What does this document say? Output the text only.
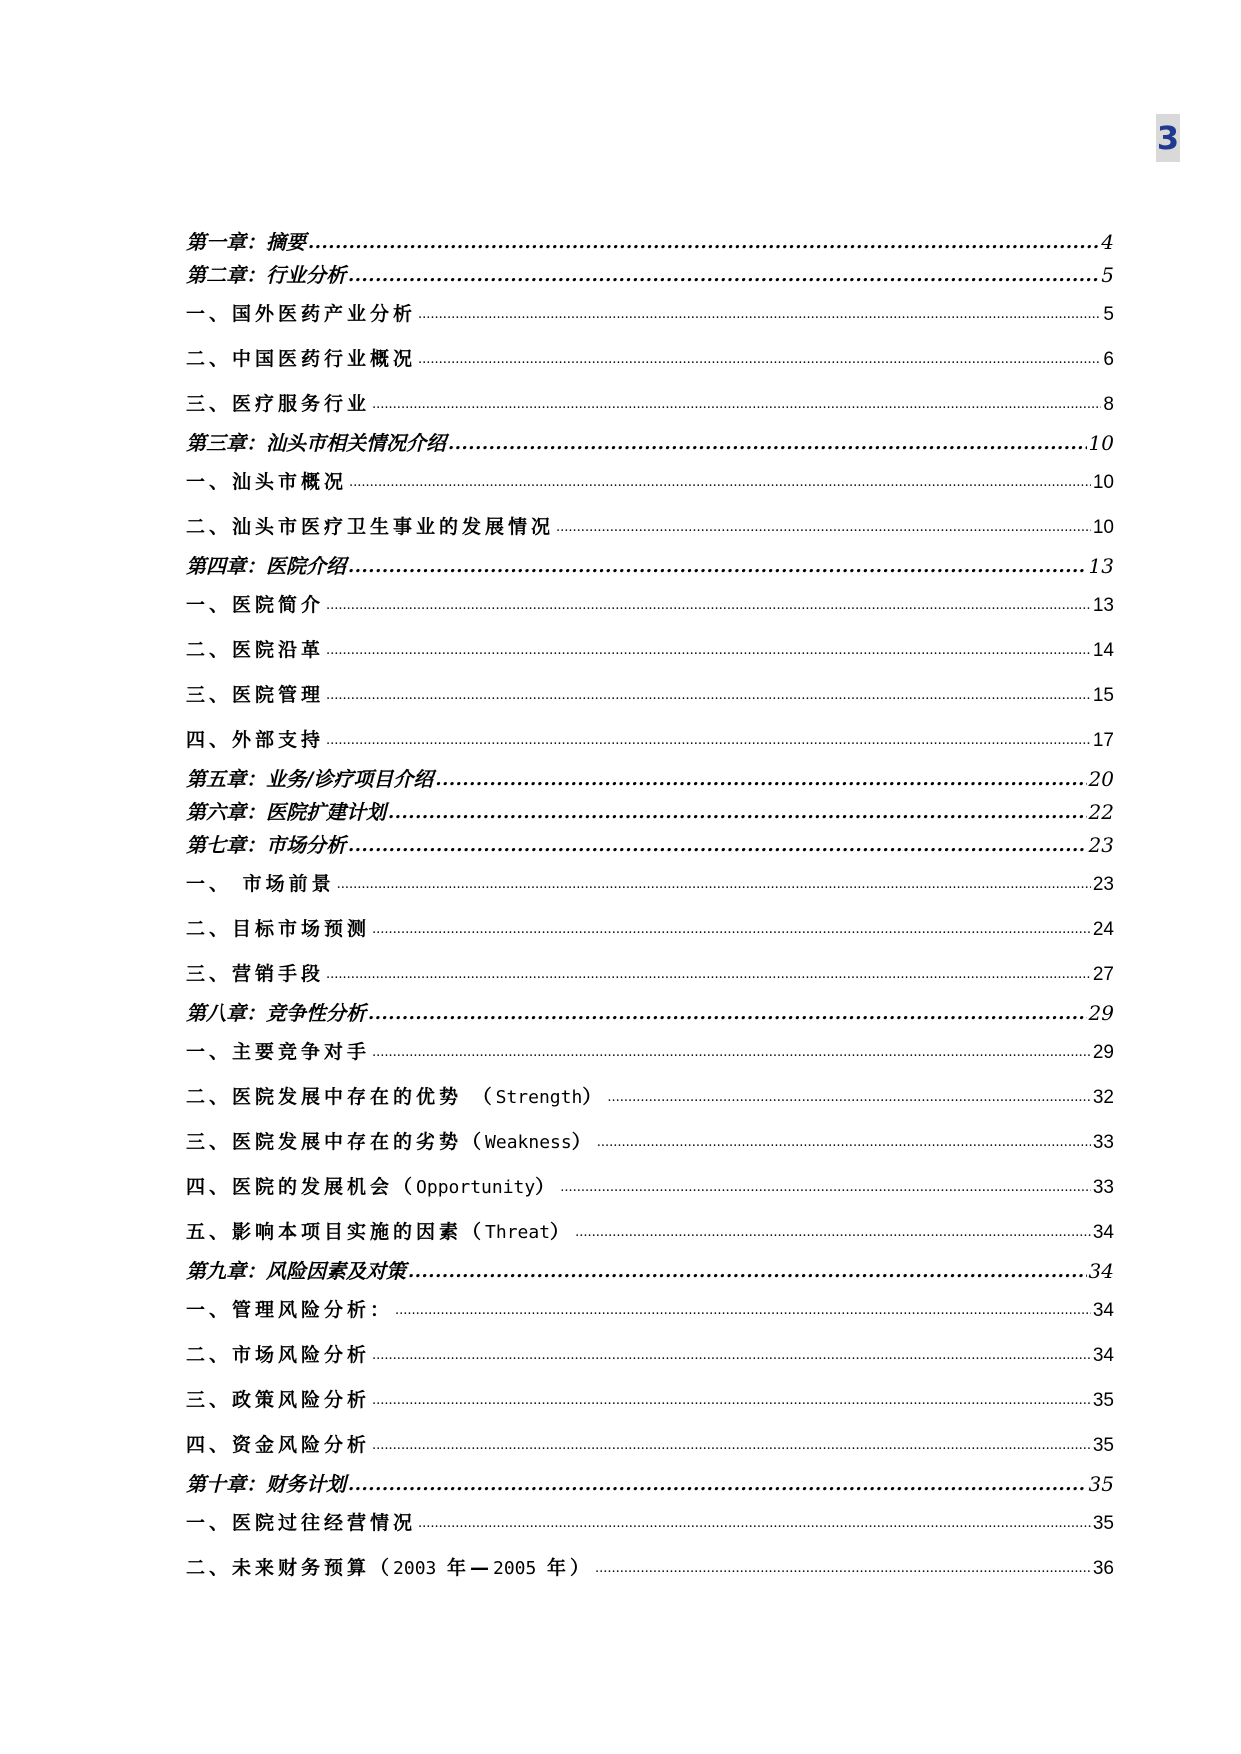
3
第一章：摘要 .....	4
第二章：行业分析 .....	5
一、国外医药产业分析 .....	5
二、中国医药行业概况 .....	6
三、医疗服务行业 .....	8
第三章：汕头市相关情况介绍 .....	10
一、汕头市概况 .....	10
二、汕头市医疗卫生事业的发展情况 .....	10
第四章：医院介绍 .....	13
一、医院简介 .....	13
二、医院沿革 .....	14
三、医院管理 .....	15
四、外部支持 .....	17
第五章：业务/诊疗项目介绍 .....	20
第六章：医院扩建计划 .....	22
第七章：市场分析 .....	23
一、 市场前景 .....	23
二、目标市场预测 .....	24
三、营销手段 .....	27
第八章：竞争性分析 .....	29
一、主要竞争对手 .....	29
二、医院发展中存在的优势 （Strength） .....	32
三、医院发展中存在的劣势（Weakness） .....	33
四、医院的发展机会（Opportunity） .....	33
五、影响本项目实施的因素（Threat） .....	34
第九章：风险因素及对策 .....	34
一、管理风险分析： .....	34
二、市场风险分析 .....	34
三、政策风险分析 .....	35
四、资金风险分析 .....	35
第十章：财务计划 .....	35
一、医院过往经营情况 .....	35
二、未来财务预算（2003 年—2005 年） .....	36
